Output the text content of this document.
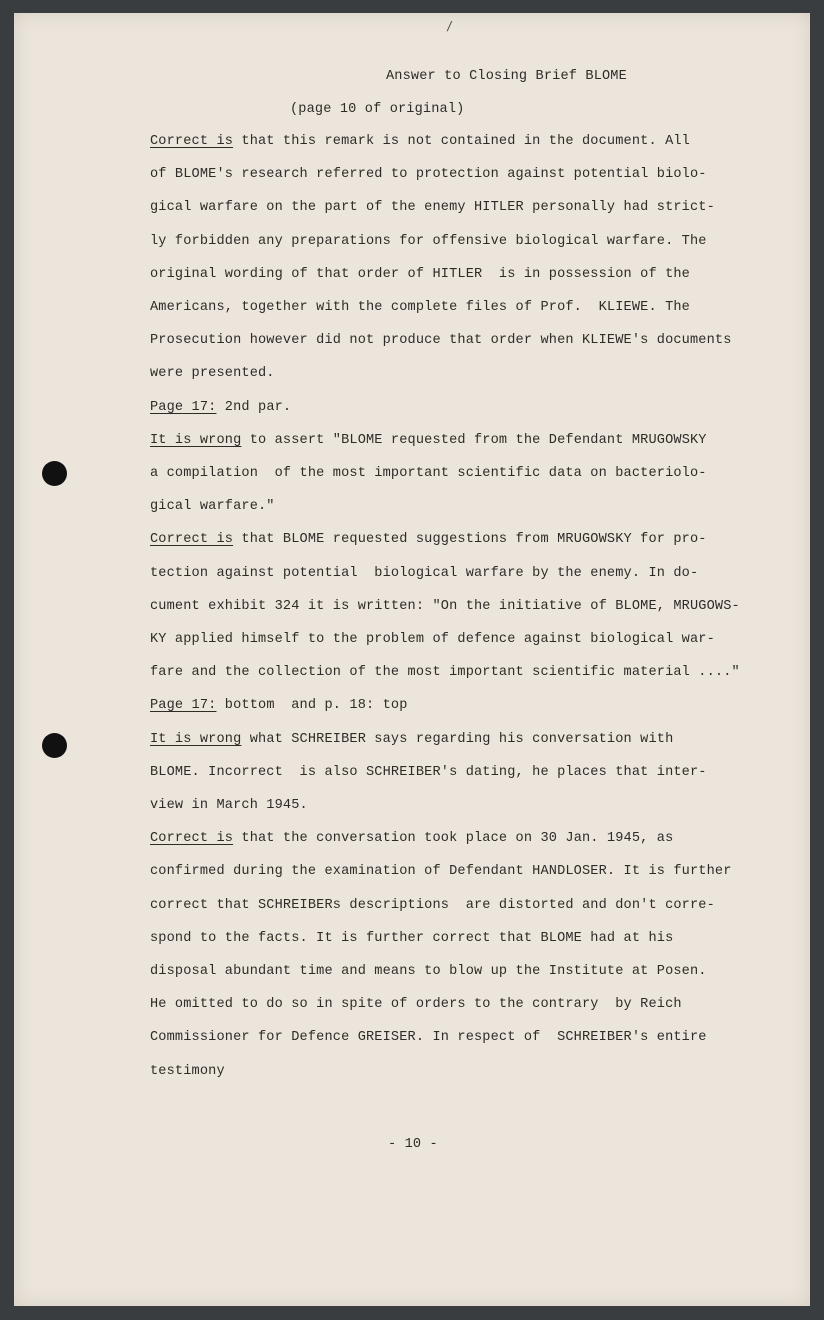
/
Answer to Closing Brief BLOME
(page 10 of original)
Correct is that this remark is not contained in the document. All
of BLOME's research referred to protection against potential biolo-
gical warfare on the part of the enemy HITLER personally had strict-
ly forbidden any preparations for offensive biological warfare. The
original wording of that order of HITLER  is in possession of the
Americans, together with the complete files of Prof.  KLIEWE. The
Prosecution however did not produce that order when KLIEWE's documents
were presented.
Page 17: 2nd par.
It is wrong to assert "BLOME requested from the Defendant MRUGOWSKY
a compilation  of the most important scientific data on bacteriolo-
gical warfare."
Correct is that BLOME requested suggestions from MRUGOWSKY for pro-
tection against potential  biological warfare by the enemy. In do-
cument exhibit 324 it is written: "On the initiative of BLOME, MRUGOWS-
KY applied himself to the problem of defence against biological war-
fare and the collection of the most important scientific material ...."
Page 17: bottom  and p. 18: top
It is wrong what SCHREIBER says regarding his conversation with
BLOME. Incorrect  is also SCHREIBER's dating, he places that inter-
view in March 1945.
Correct is that the conversation took place on 30 Jan. 1945, as
confirmed during the examination of Defendant HANDLOSER. It is further
correct that SCHREIBERs descriptions  are distorted and don't corre-
spond to the facts. It is further correct that BLOME had at his
disposal abundant time and means to blow up the Institute at Posen.
He omitted to do so in spite of orders to the contrary  by Reich
Commissioner for Defence GREISER. In respect of  SCHREIBER's entire
testimony
- 10 -
